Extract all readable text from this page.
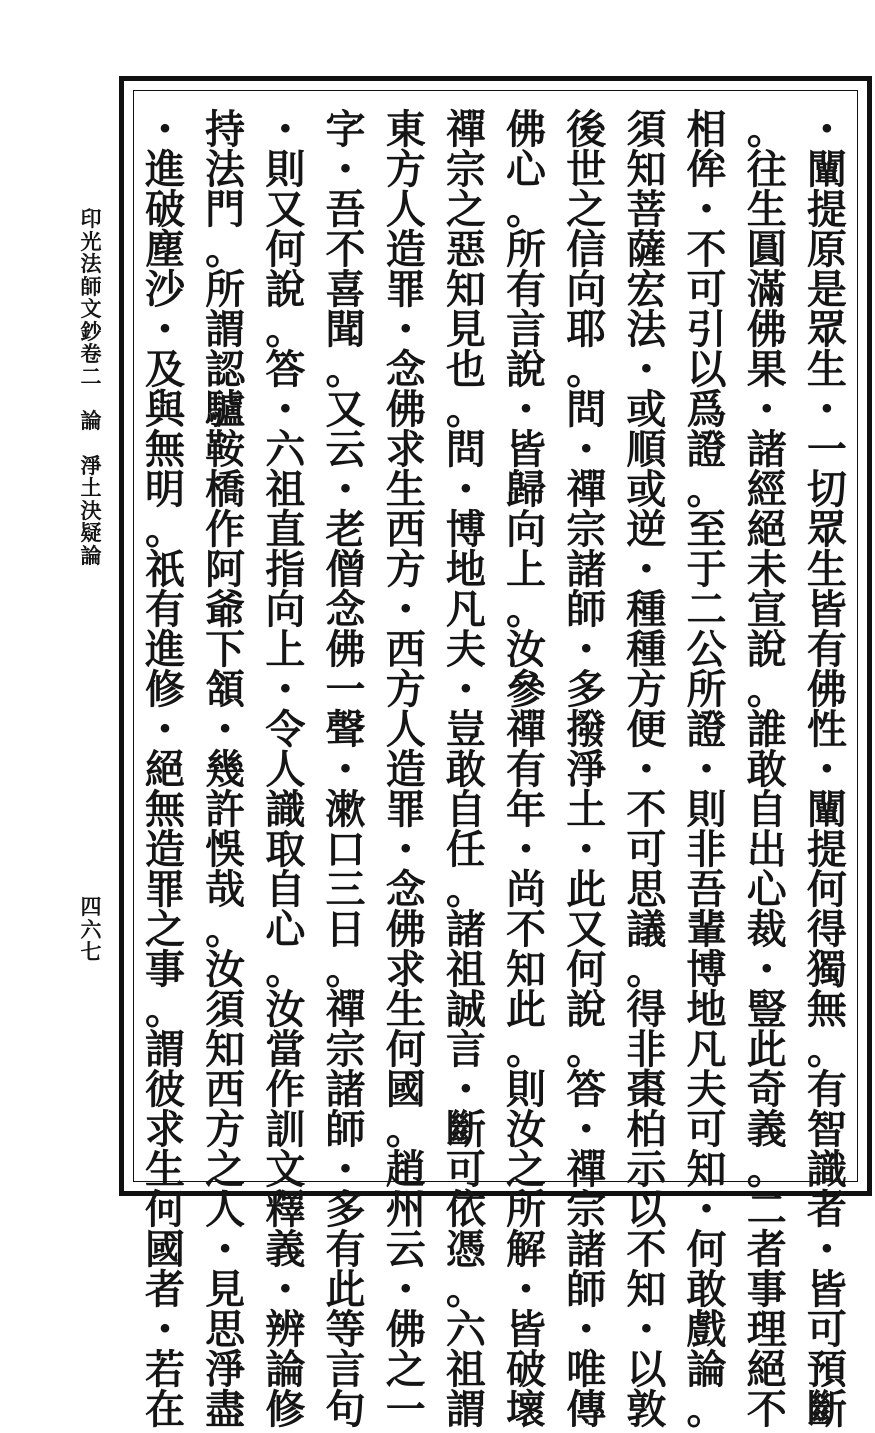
印
光
法
師
文
鈔
卷
二
論
淨
土
決
疑
論
四
六
七
・
闡
提
原
是
眾
生
・
一
切
眾
生
皆
有
佛
性
・
闡
提
何
得
獨
無
。
有
智
識
者
・
皆
可
預
斷
。
往
生
圓
滿
佛
果
・
諸
經
絕
未
宣
說
。
誰
敢
自
出
心
裁
・
豎
此
奇
義
。
二
者
事
理
絕
不
相
侔
・
不
可
引
以
爲
證
。
至
于
二
公
所
證
・
則
非
吾
輩
博
地
凡
夫
可
知
・
何
敢
戲
論
。
須
知
菩
薩
宏
法
・
或
順
或
逆
・
種
種
方
便
・
不
可
思
議
。
得
非
棗
柏
示
以
不
知
・
以
敦
後
世
之
信
向
耶
。
問
・
禪
宗
諸
師
・
多
撥
淨
土
・
此
又
何
說
。
答
・
禪
宗
諸
師
・
唯
傳
佛
心
。
所
有
言
說
・
皆
歸
向
上
。
汝
參
禪
有
年
・
尚
不
知
此
。
則
汝
之
所
解
・
皆
破
壞
禪
宗
之
惡
知
見
也
。
問
・
博
地
凡
夫
・
豈
敢
自
任
。
諸
祖
誠
言
・
斷
可
依
憑
。
六
祖
謂
東
方
人
造
罪
・
念
佛
求
生
西
方
・
西
方
人
造
罪
・
念
佛
求
生
何
國
。
趙
州
云
・
佛
之
一
字
・
吾
不
喜
聞
。
又
云
・
老
僧
念
佛
一
聲
・
漱
口
三
日
。
禪
宗
諸
師
・
多
有
此
等
言
句
・
則
又
何
說
。
答
・
六
祖
直
指
向
上
・
令
人
識
取
自
心
。
汝
當
作
訓
文
釋
義
・
辨
論
修
持
法
門
。
所
謂
認
驢
鞍
橋
作
阿
爺
下
頷
・
幾
許
悞
哉
。
汝
須
知
西
方
之
人
・
見
思
淨
盡
・
進
破
塵
沙
・
及
與
無
明
。
祇
有
進
修
・
絕
無
造
罪
之
事
。
謂
彼
求
生
何
國
者
・
若
在
